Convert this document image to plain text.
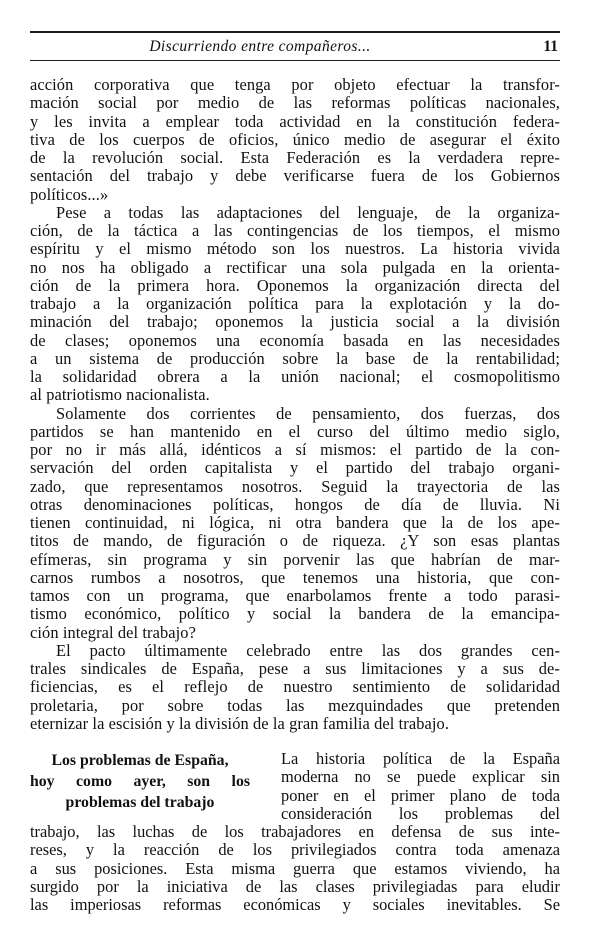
Discurriendo entre compañeros...	11
acción corporativa que tenga por objeto efectuar la transfor-
mación social por medio de las reformas políticas nacionales,
y les invita a emplear toda actividad en la constitución federa-
tiva de los cuerpos de oficios, único medio de asegurar el éxito
de la revolución social. Esta Federación es la verdadera repre-
sentación del trabajo y debe verificarse fuera de los Gobiernos
políticos...»
Pese a todas las adaptaciones del lenguaje, de la organiza-
ción, de la táctica a las contingencias de los tiempos, el mismo
espíritu y el mismo método son los nuestros. La historia vivida
no nos ha obligado a rectificar una sola pulgada en la orienta-
ción de la primera hora. Oponemos la organización directa del
trabajo a la organización política para la explotación y la do-
minación del trabajo; oponemos la justicia social a la división
de clases; oponemos una economía basada en las necesidades
a un sistema de producción sobre la base de la rentabilidad;
la solidaridad obrera a la unión nacional; el cosmopolitismo
al patriotismo nacionalista.
Solamente dos corrientes de pensamiento, dos fuerzas, dos
partidos se han mantenido en el curso del último medio siglo,
por no ir más allá, idénticos a sí mismos: el partido de la con-
servación del orden capitalista y el partido del trabajo organi-
zado, que representamos nosotros. Seguid la trayectoria de las
otras denominaciones políticas, hongos de día de lluvia. Ni
tienen continuidad, ni lógica, ni otra bandera que la de los ape-
titos de mando, de figuración o de riqueza. ¿Y son esas plantas
efímeras, sin programa y sin porvenir las que habrían de mar-
carnos rumbos a nosotros, que tenemos una historia, que con-
tamos con un programa, que enarbolamos frente a todo parasi-
tismo económico, político y social la bandera de la emancipa-
ción integral del trabajo?
El pacto últimamente celebrado entre las dos grandes cen-
trales sindicales de España, pese a sus limitaciones y a sus de-
ficiencias, es el reflejo de nuestro sentimiento de solidaridad
proletaria, por sobre todas las mezquindades que pretenden
eternizar la escisión y la división de la gran familia del trabajo.
Los problemas de España,
hoy como ayer, son los
problemas del trabajo
La historia política de la España
moderna no se puede explicar sin
poner en el primer plano de toda
consideración los problemas del
trabajo, las luchas de los trabajadores en defensa de sus inte-
reses, y la reacción de los privilegiados contra toda amenaza
a sus posiciones. Esta misma guerra que estamos viviendo, ha
surgido por la iniciativa de las clases privilegiadas para eludir
las imperiosas reformas económicas y sociales inevitables. Se
